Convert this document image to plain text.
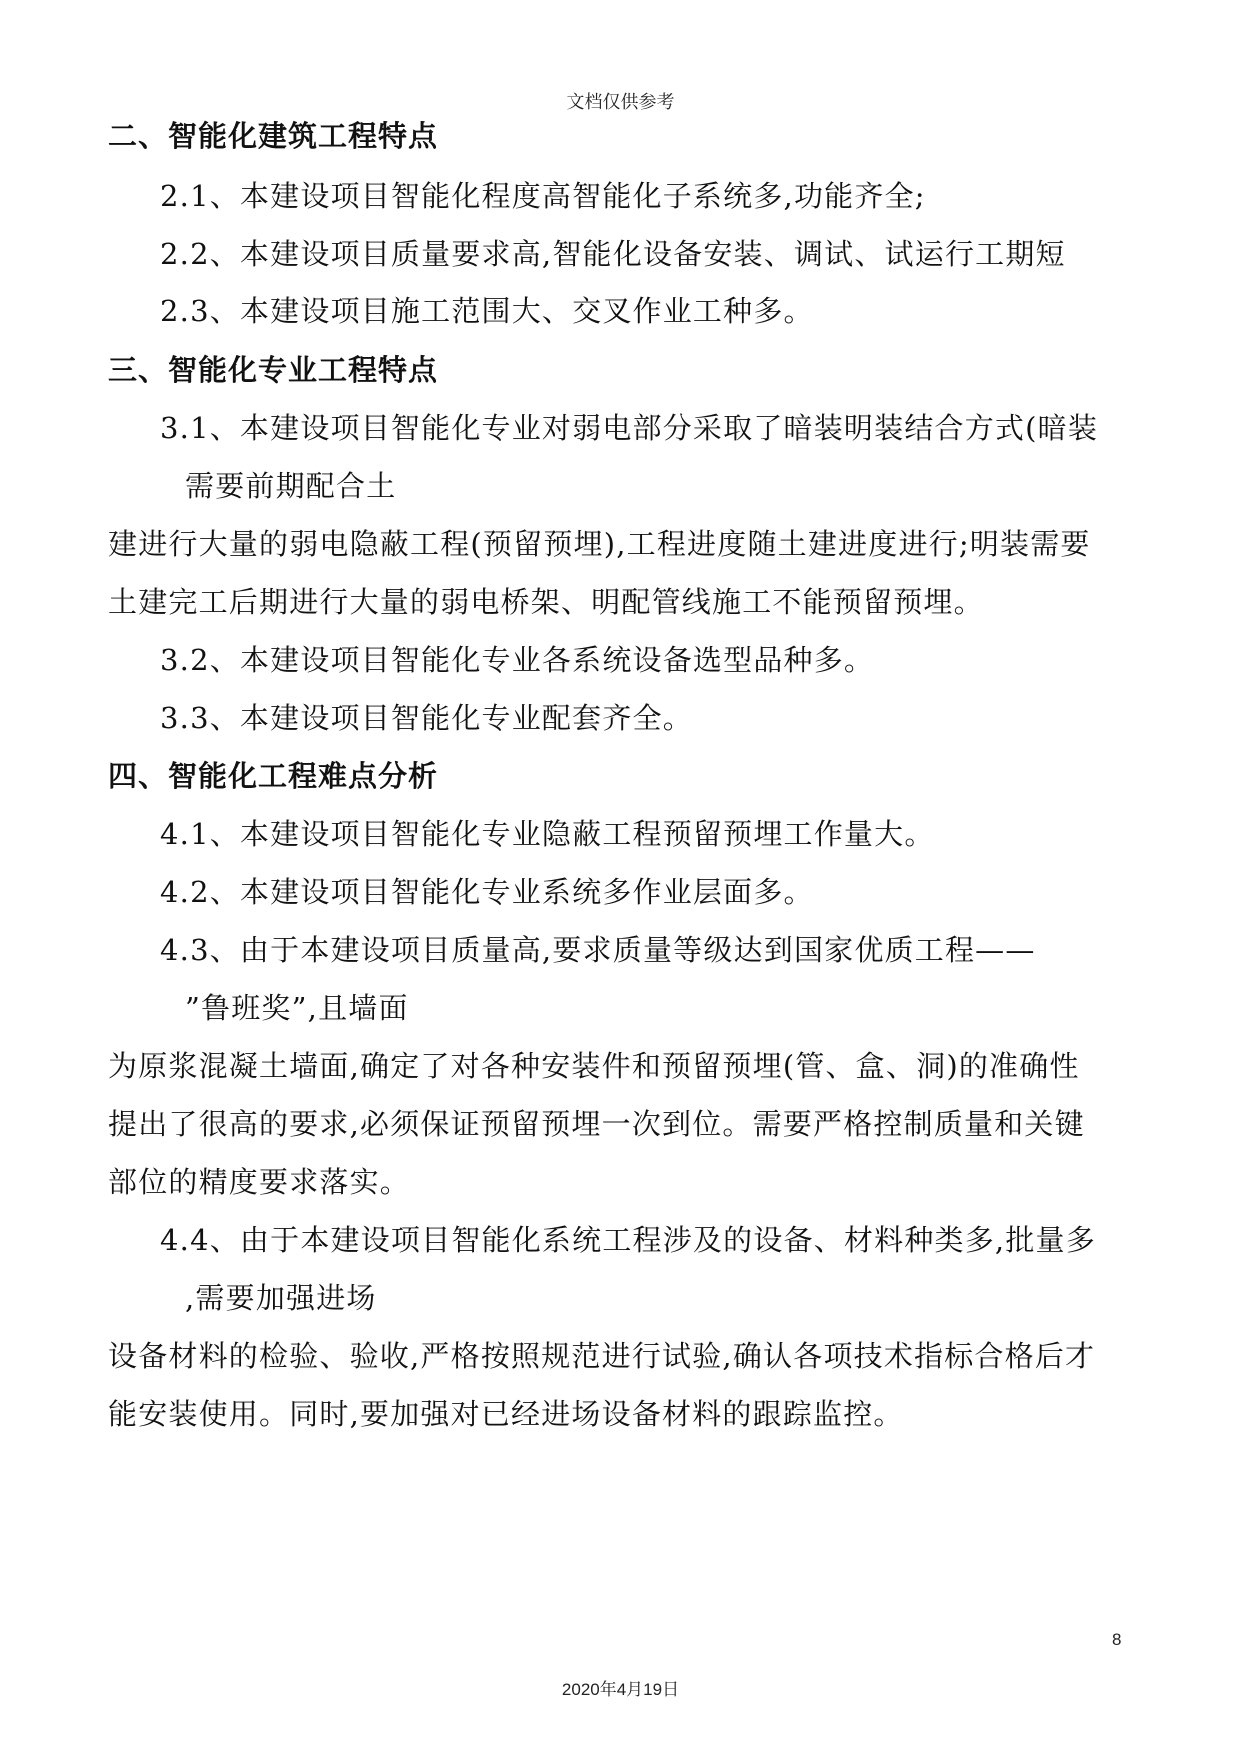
文档仅供参考
二、智能化建筑工程特点
2.1、本建设项目智能化程度高智能化子系统多,功能齐全;
2.2、本建设项目质量要求高,智能化设备安装、调试、试运行工期短
2.3、本建设项目施工范围大、交叉作业工种多。
三、智能化专业工程特点
3.1、本建设项目智能化专业对弱电部分采取了暗装明装结合方式(暗装
需要前期配合土
建进行大量的弱电隐蔽工程(预留预埋),工程进度随土建进度进行;明装需要
土建完工后期进行大量的弱电桥架、明配管线施工不能预留预埋。
3.2、本建设项目智能化专业各系统设备选型品种多。
3.3、本建设项目智能化专业配套齐全。
四、智能化工程难点分析
4.1、本建设项目智能化专业隐蔽工程预留预埋工作量大。
4.2、本建设项目智能化专业系统多作业层面多。
4.3、由于本建设项目质量高,要求质量等级达到国家优质工程——
”鲁班奖”,且墙面
为原浆混凝土墙面,确定了对各种安装件和预留预埋(管、盒、洞)的准确性
提出了很高的要求,必须保证预留预埋一次到位。需要严格控制质量和关键
部位的精度要求落实。
4.4、由于本建设项目智能化系统工程涉及的设备、材料种类多,批量多
,需要加强进场
设备材料的检验、验收,严格按照规范进行试验,确认各项技术指标合格后才
能安装使用。同时,要加强对已经进场设备材料的跟踪监控。
8
2020年4月19日
